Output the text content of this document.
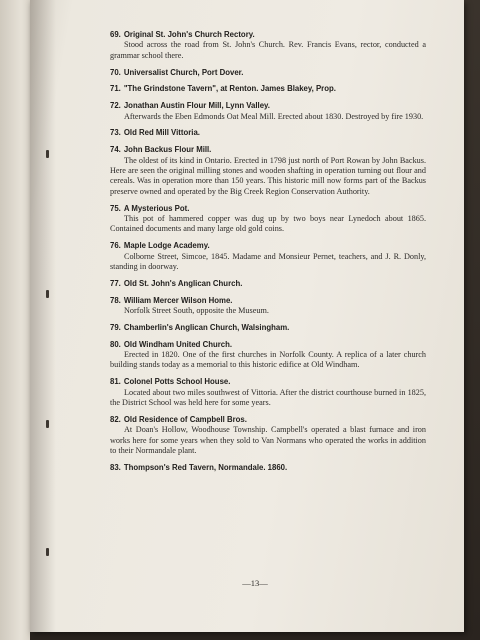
69. Original St. John's Church Rectory.
Stood across the road from St. John's Church. Rev. Francis Evans, rector, conducted a grammar school there.
70. Universalist Church, Port Dover.
71. "The Grindstone Tavern", at Renton. James Blakey, Prop.
72. Jonathan Austin Flour Mill, Lynn Valley.
Afterwards the Eben Edmonds Oat Meal Mill. Erected about 1830. Destroyed by fire 1930.
73. Old Red Mill Vittoria.
74. John Backus Flour Mill.
The oldest of its kind in Ontario. Erected in 1798 just north of Port Rowan by John Backus. Here are seen the original milling stones and wooden shafting in operation turning out flour and cereals. Was in operation more than 150 years. This historic mill now forms part of the Backus preserve owned and operated by the Big Creek Region Conservation Authority.
75. A Mysterious Pot.
This pot of hammered copper was dug up by two boys near Lynedoch about 1865. Contained documents and many large old gold coins.
76. Maple Lodge Academy.
Colborne Street, Simcoe, 1845. Madame and Monsieur Pernet, teachers, and J. R. Donly, standing in doorway.
77. Old St. John's Anglican Church.
78. William Mercer Wilson Home.
Norfolk Street South, opposite the Museum.
79. Chamberlin's Anglican Church, Walsingham.
80. Old Windham United Church.
Erected in 1820. One of the first churches in Norfolk County. A replica of a later church building stands today as a memorial to this historic edifice at Old Windham.
81. Colonel Potts School House.
Located about two miles southwest of Vittoria. After the district courthouse burned in 1825, the District School was held here for some years.
82. Old Residence of Campbell Bros.
At Doan's Hollow, Woodhouse Township. Campbell's operated a blast furnace and iron works here for some years when they sold to Van Normans who operated the works in addition to their Normandale plant.
83. Thompson's Red Tavern, Normandale. 1860.
—13—
